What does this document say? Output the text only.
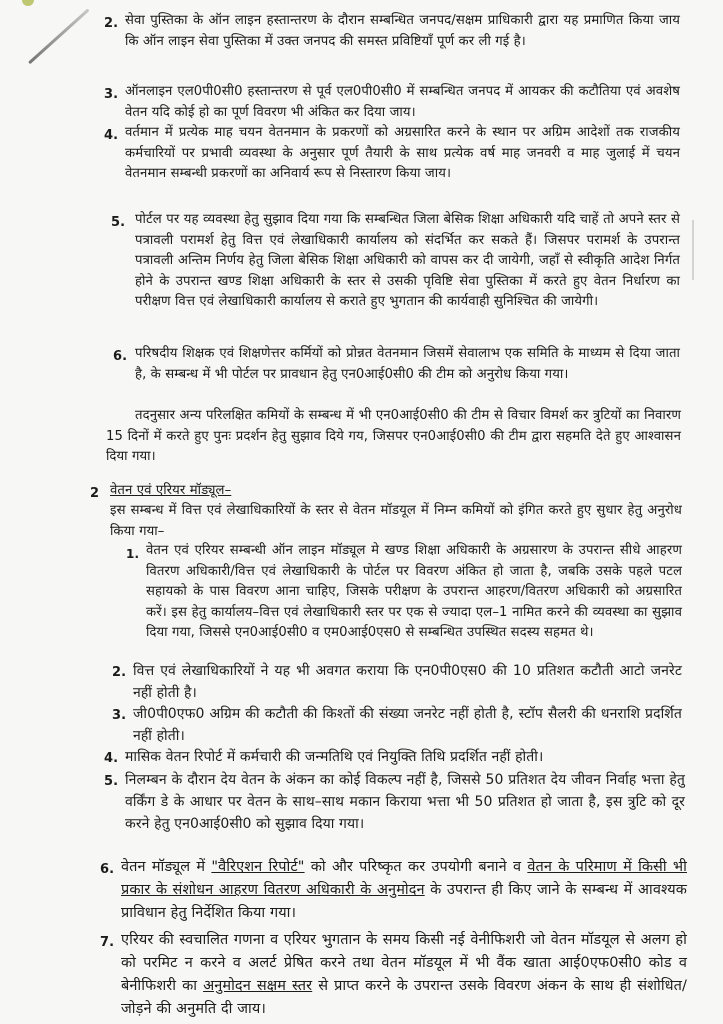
2. सेवा पुस्तिका के ऑन लाइन हस्तान्तरण के दौरान सम्बन्धित जनपद/सक्षम प्राधिकारी द्वारा यह प्रमाणित किया जाय कि ऑन लाइन सेवा पुस्तिका में उक्त जनपद की समस्त प्रविष्टियाँ पूर्ण कर ली गई है।
3. ऑनलाइन एल0पी0सी0 हस्तान्तरण से पूर्व एल0पी0सी0 में सम्बन्धित जनपद में आयकर की कटौतिया एवं अवशेष वेतन यदि कोई हो का पूर्ण विवरण भी अंकित कर दिया जाय।
4. वर्तमान में प्रत्येक माह चयन वेतनमान के प्रकरणों को अग्रसारित करने के स्थान पर अग्रिम आदेशों तक राजकीय कर्मचारियों पर प्रभावी व्यवस्था के अनुसार पूर्ण तैयारी के साथ प्रत्येक वर्ष माह जनवरी व माह जुलाई में चयन वेतनमान सम्बन्धी प्रकरणों का अनिवार्य रूप से निस्तारण किया जाय।
5. पोर्टल पर यह व्यवस्था हेतु सुझाव दिया गया कि सम्बन्धित जिला बेसिक शिक्षा अधिकारी यदि चाहें तो अपने स्तर से पत्रावली परामर्श हेतु वित्त एवं लेखाधिकारी कार्यालय को संदर्भित कर सकते हैं। जिसपर परामर्श के उपरान्त पत्रावली अन्तिम निर्णय हेतु जिला बेसिक शिक्षा अधिकारी को वापस कर दी जायेगी, जहाँ से स्वीकृति आदेश निर्गत होने के उपरान्त खण्ड शिक्षा अधिकारी के स्तर से उसकी पृविष्टि सेवा पुस्तिका में करते हुए वेतन निर्धारण का परीक्षण वित्त एवं लेखाधिकारी कार्यालय से कराते हुए भुगतान की कार्यवाही सुनिश्चित की जायेगी।
6. परिषदीय शिक्षक एवं शिक्षणेत्तर कर्मियों को प्रोन्नत वेतनमान जिसमें सेवालाभ एक समिति के माध्यम से दिया जाता है, के सम्बन्ध में भी पोर्टल पर प्रावधान हेतु एन0आई0सी0 की टीम को अनुरोध किया गया।
तदनुसार अन्य परिलक्षित कमियों के सम्बन्ध में भी एन0आई0सी0 की टीम से विचार विमर्श कर त्रुटियों का निवारण 15 दिनों में करते हुए पुनः प्रदर्शन हेतु सुझाव दिये गय, जिसपर एन0आई0सी0 की टीम द्वारा सहमति देते हुए आश्वासन दिया गया।
2 वेतन एवं एरियर मॉड्यूल–
इस सम्बन्ध में वित्त एवं लेखाधिकारियों के स्तर से वेतन मॉडयूल में निम्न कमियों को इंगित करते हुए सुधार हेतु अनुरोध किया गया–
1. वेतन एवं एरियर सम्बन्धी ऑन लाइन मॉड्यूल मे खण्ड शिक्षा अधिकारी के अग्रसारण के उपरान्त सीधे आहरण वितरण अधिकारी/वित्त एवं लेखाधिकारी के पोर्टल पर विवरण अंकित हो जाता है, जबकि उसके पहले पटल सहायको के पास विवरण आना चाहिए, जिसके परीक्षण के उपरान्त आहरण/वितरण अधिकारी को अग्रसारित करें। इस हेतु कार्यालय–वित्त एवं लेखाधिकारी स्तर पर एक से ज्यादा एल–1 नामित करने की व्यवस्था का सुझाव दिया गया, जिससे एन0आई0सी0 व एम0आई0एस0 से सम्बन्धित उपस्थित सदस्य सहमत थे।
2. वित्त एवं लेखाधिकारियों ने यह भी अवगत कराया कि एन0पी0एस0 की 10 प्रतिशत कटौती आटो जनरेट नहीं होती है।
3. जी0पी0एफ0 अग्रिम की कटौती की किश्तों की संख्या जनरेट नहीं होती है, स्टॉप सैलरी की धनराशि प्रदर्शित नहीं होती।
4. मासिक वेतन रिपोर्ट में कर्मचारी की जन्मतिथि एवं नियुक्ति तिथि प्रदर्शित नहीं होती।
5. निलम्बन के दौरान देय वेतन के अंकन का कोई विकल्प नहीं है, जिससे 50 प्रतिशत देय जीवन निर्वाह भत्ता हेतु वर्किंग डे के आधार पर वेतन के साथ–साथ मकान किराया भत्ता भी 50 प्रतिशत हो जाता है, इस त्रुटि को दूर करने हेतु एन0आई0सी0 को सुझाव दिया गया।
6. वेतन मॉड्यूल में "वैरिएशन रिपोर्ट" को और परिष्कृत कर उपयोगी बनाने व वेतन के परिमाण में किसी भी प्रकार के संशोधन आहरण वितरण अधिकारी के अनुमोदन के उपरान्त ही किए जाने के सम्बन्ध में आवश्यक प्राविधान हेतु निर्देशित किया गया।
7. एरियर की स्वचालित गणना व एरियर भुगतान के समय किसी नई वेनीफिशरी जो वेतन मॉडयूल से अलग हो को परमिट न करने व अलर्ट प्रेषित करने तथा वेतन मॉडयूल में भी वैंक खाता आई0एफ0सी0 कोड व बेनीफिशरी का अनुमोदन सक्षम स्तर से प्राप्त करने के उपरान्त उसके विवरण अंकन के साथ ही संशोधित/जोड़ने की अनुमति दी जाय।
